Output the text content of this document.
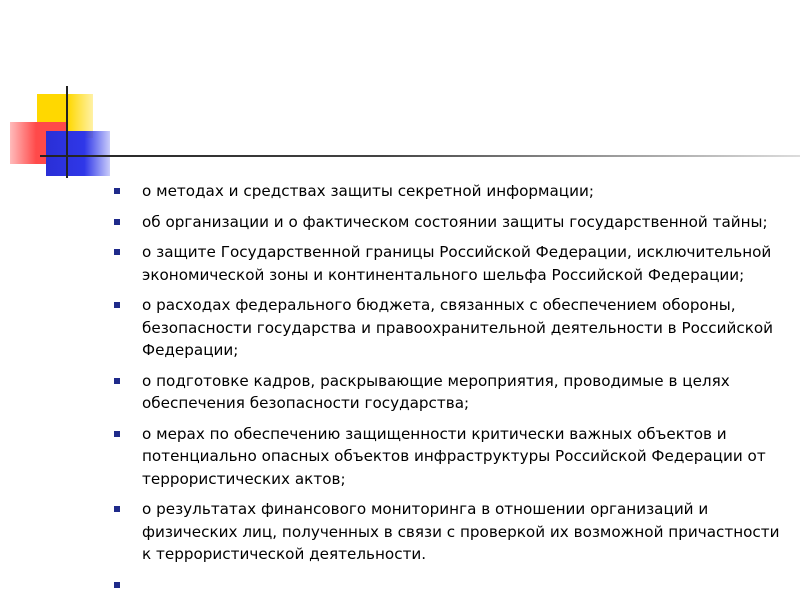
о методах и средствах защиты секретной информации;
об организации и о фактическом состоянии защиты государственной тайны;
о защите Государственной границы Российской Федерации, исключительной экономической зоны и континентального шельфа Российской Федерации;
о расходах федерального бюджета, связанных с обеспечением обороны, безопасности государства и правоохранительной деятельности в Российской Федерации;
о подготовке кадров, раскрывающие мероприятия, проводимые в целях обеспечения безопасности государства;
о мерах по обеспечению защищенности критически важных объектов и потенциально опасных объектов инфраструктуры Российской Федерации от террористических актов;
о результатах финансового мониторинга в отношении организаций и физических лиц, полученных в связи с проверкой их возможной причастности к террористической деятельности.
